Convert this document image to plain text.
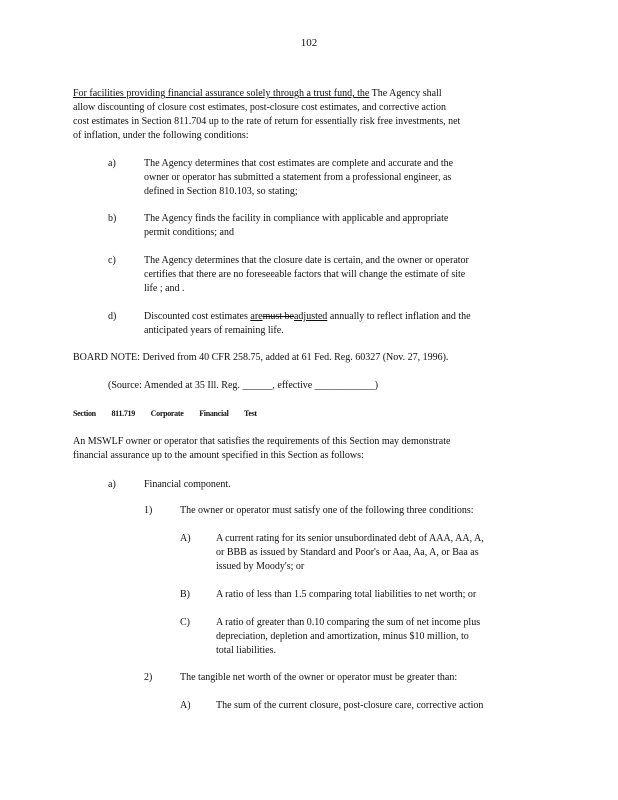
102
For facilities providing financial assurance solely through a trust fund, the The Agency shall
allow discounting of closure cost estimates, post-closure cost estimates, and corrective action
cost estimates in Section 811.704 up to the rate of return for essentially risk free investments, net
of inflation, under the following conditions:
a)	The Agency determines that cost estimates are complete and accurate and the
owner or operator has submitted a statement from a professional engineer, as
defined in Section 810.103, so stating;
b)	The Agency finds the facility in compliance with applicable and appropriate
permit conditions; and
c)	The Agency determines that the closure date is certain, and the owner or operator
certifies that there are no foreseeable factors that will change the estimate of site
life ; and .
d)	Discounted cost estimates aremust beadjusted annually to reflect inflation and the
anticipated years of remaining life.
BOARD NOTE: Derived from 40 CFR 258.75, added at 61 Fed. Reg. 60327 (Nov. 27, 1996).
(Source: Amended at 35 Ill. Reg. ______, effective ____________)
Section 811.719 Corporate Financial Test
An MSWLF owner or operator that satisfies the requirements of this Section may demonstrate
financial assurance up to the amount specified in this Section as follows:
a)	Financial component.
1)	The owner or operator must satisfy one of the following three conditions:
A)	A current rating for its senior unsubordinated debt of AAA, AA, A,
or BBB as issued by Standard and Poor's or Aaa, Aa, A, or Baa as
issued by Moody's; or
B)	A ratio of less than 1.5 comparing total liabilities to net worth; or
C)	A ratio of greater than 0.10 comparing the sum of net income plus
depreciation, depletion and amortization, minus $10 million, to
total liabilities.
2)	The tangible net worth of the owner or operator must be greater than:
A)	The sum of the current closure, post-closure care, corrective action
